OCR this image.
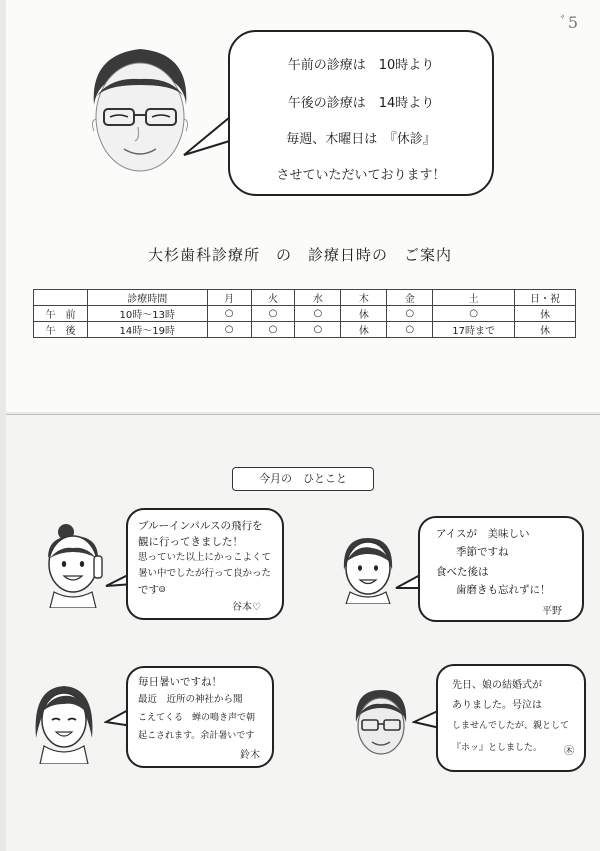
ﾞ5
午前の診療は　10時より
午後の診療は　14時より
毎週、木曜日は　『休診』
させていただいております！
大杉歯科診療所　の　診療日時の　ご案内
	診療時間	月	火	水	木	金	土	日・祝
午　前	10時～13時	○	○	○	休	○	○	休
午　後	14時～19時	○	○	○	休	○	17時まで	休
今月の　ひとこと
ブルーインパルスの飛行を
観に行ってきました！
思っていた以上にかっこよくて
暑い中でしたが行って良かった
です☺
谷本♡
アイスが　美味しい
季節ですね
食べた後は
歯磨きも忘れずに！
平野
毎日暑いですね！
最近　近所の神社から聞
こえてくる　蝉の鳴き声で朝
起こされます。余計暑いです
鈴木
先日、娘の結婚式が
ありました。号泣は
しませんでしたが、親として
『ホッ』としました。 ㊍
